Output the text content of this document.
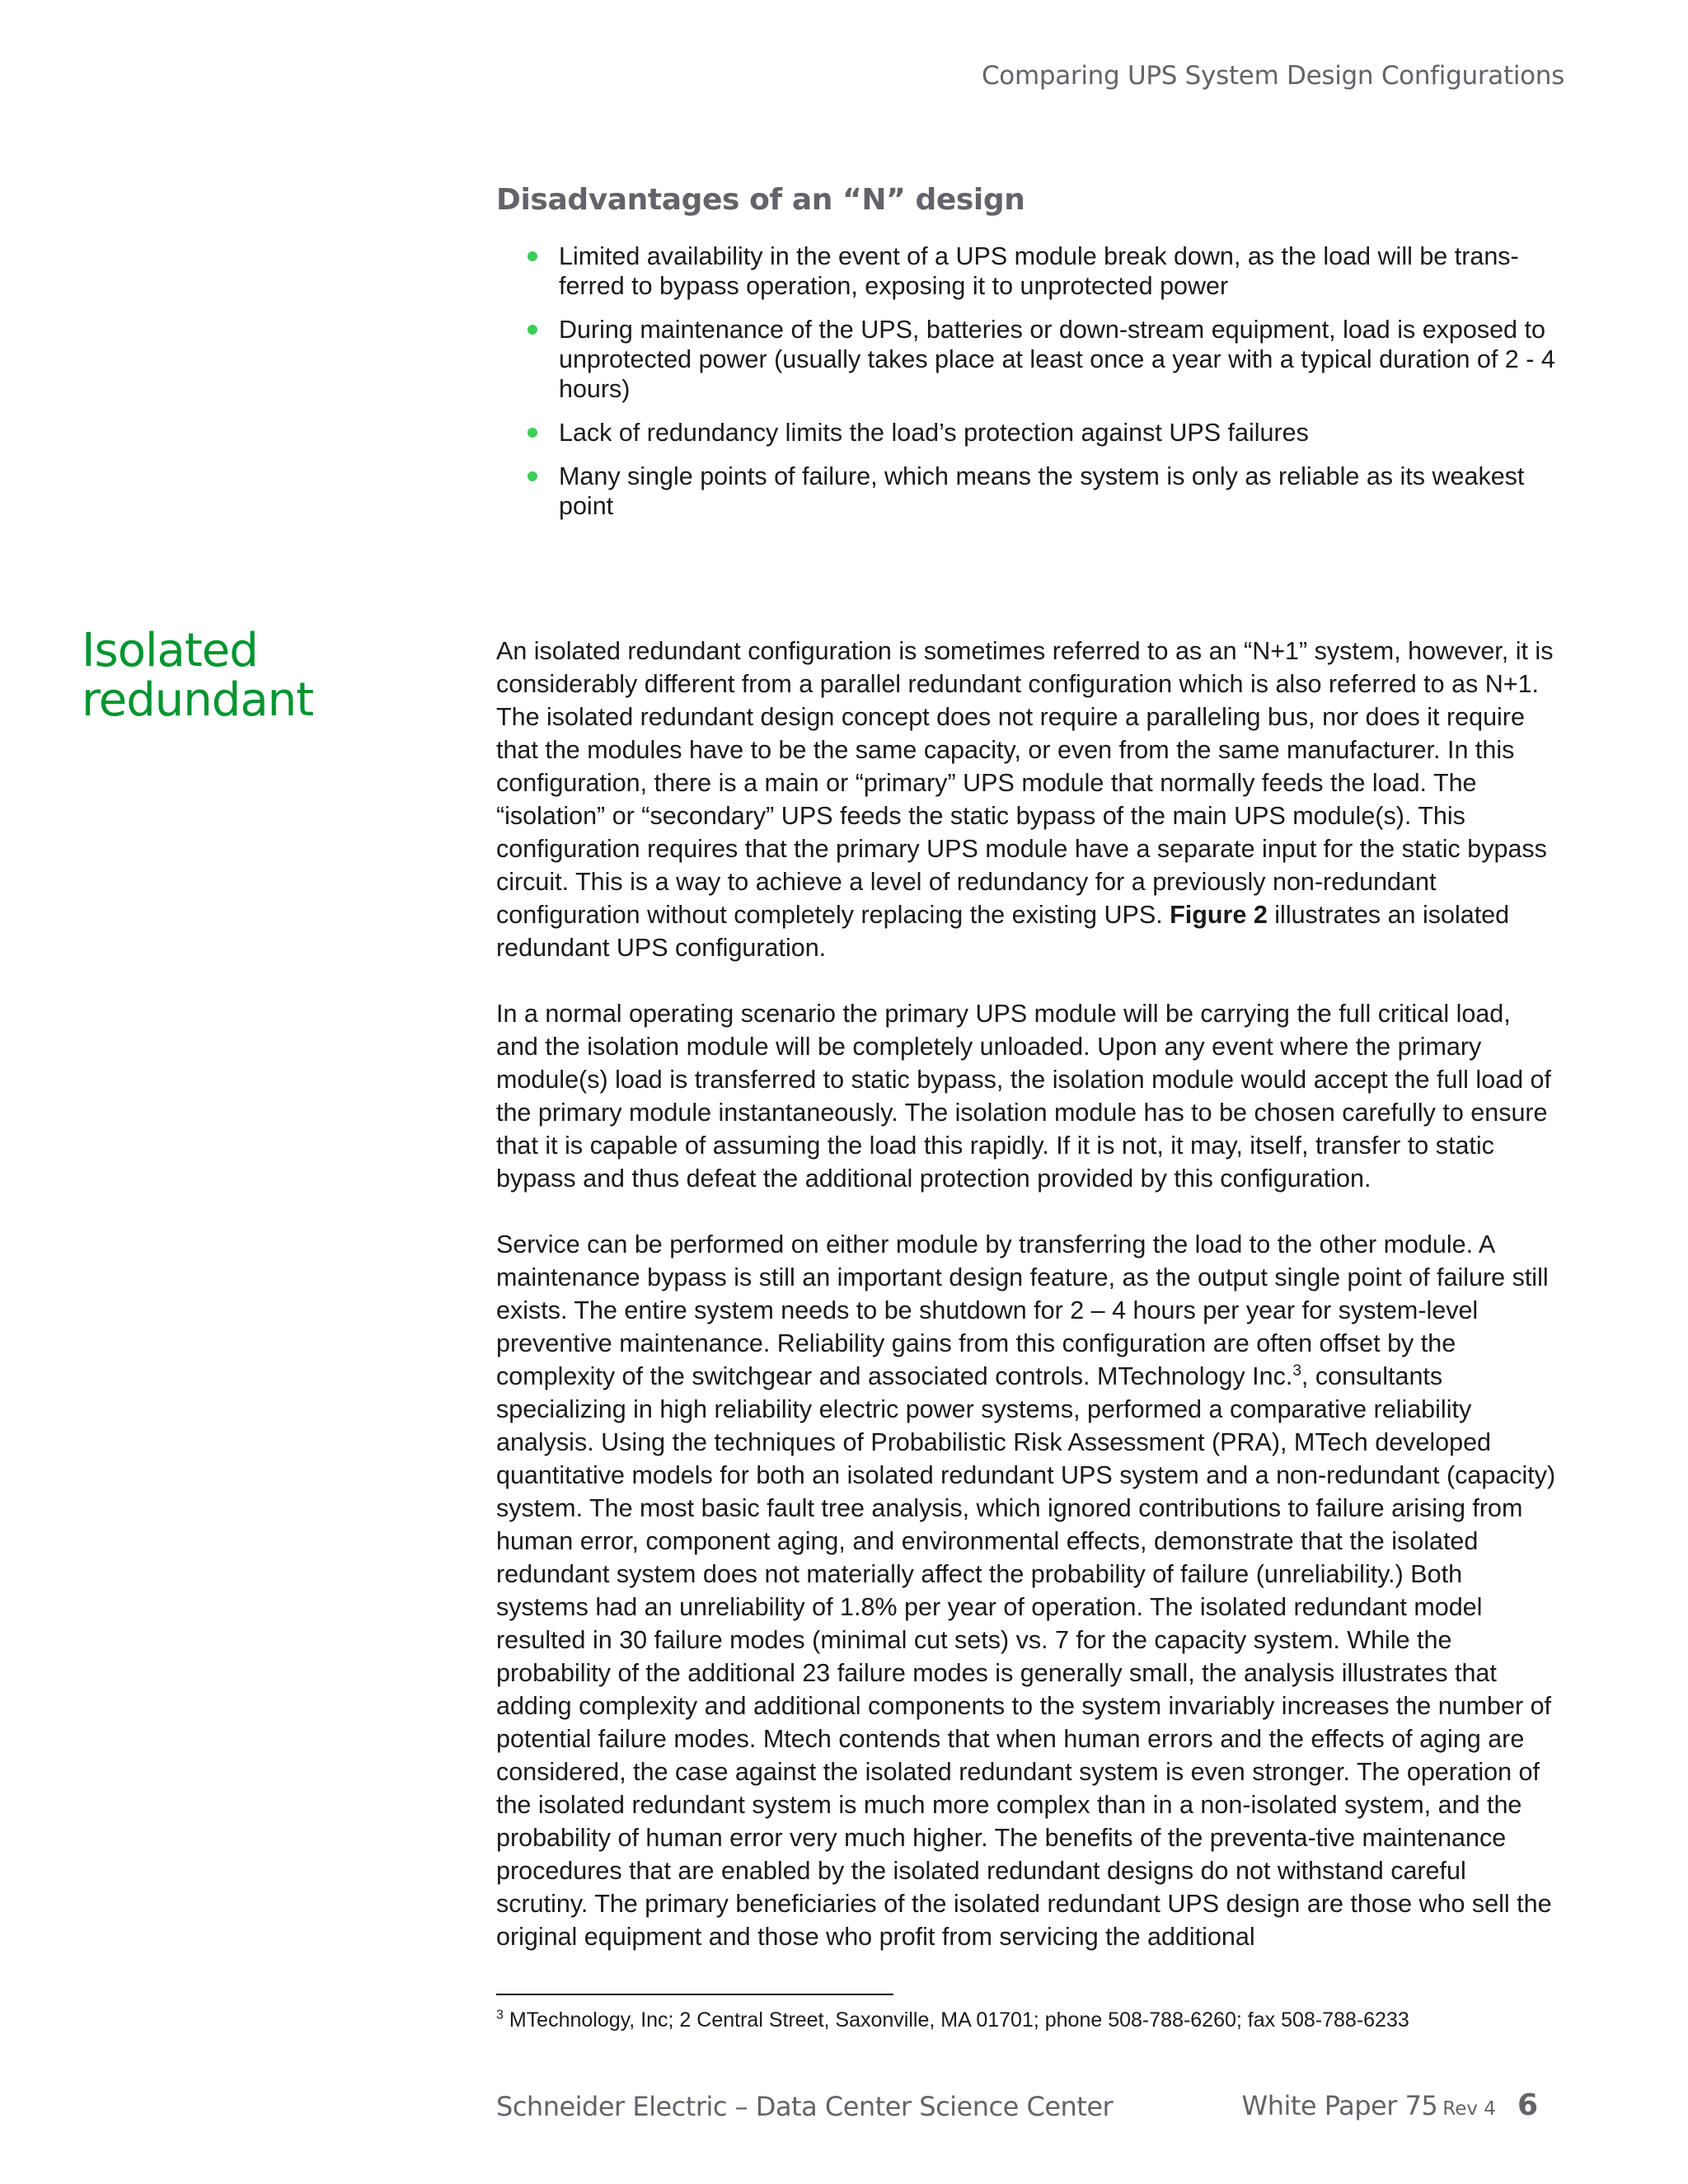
Comparing UPS System Design Configurations
Disadvantages of an “N” design
Limited availability in the event of a UPS module break down, as the load will be trans-ferred to bypass operation, exposing it to unprotected power
During maintenance of the UPS, batteries or down-stream equipment, load is exposed to unprotected power (usually takes place at least once a year with a typical duration of 2 - 4 hours)
Lack of redundancy limits the load’s protection against UPS failures
Many single points of failure, which means the system is only as reliable as its weakest point
Isolated redundant

An isolated redundant configuration is sometimes referred to as an “N+1” system, however, it is considerably different from a parallel redundant configuration which is also referred to as N+1. The isolated redundant design concept does not require a paralleling bus, nor does it require that the modules have to be the same capacity, or even from the same manufacturer. In this configuration, there is a main or “primary” UPS module that normally feeds the load. The “isolation” or “secondary” UPS feeds the static bypass of the main UPS module(s). This configuration requires that the primary UPS module have a separate input for the static bypass circuit. This is a way to achieve a level of redundancy for a previously non-redundant configuration without completely replacing the existing UPS. Figure 2 illustrates an isolated redundant UPS configuration.

In a normal operating scenario the primary UPS module will be carrying the full critical load, and the isolation module will be completely unloaded. Upon any event where the primary module(s) load is transferred to static bypass, the isolation module would accept the full load of the primary module instantaneously. The isolation module has to be chosen carefully to ensure that it is capable of assuming the load this rapidly. If it is not, it may, itself, transfer to static bypass and thus defeat the additional protection provided by this configuration.

Service can be performed on either module by transferring the load to the other module. A maintenance bypass is still an important design feature, as the output single point of failure still exists. The entire system needs to be shutdown for 2 – 4 hours per year for system-level preventive maintenance. Reliability gains from this configuration are often offset by the complexity of the switchgear and associated controls. MTechnology Inc.$^3$, consultants specializing in high reliability electric power systems, performed a comparative reliability analysis. Using the techniques of Probabilistic Risk Assessment (PRA), MTech developed quantitative models for both an isolated redundant UPS system and a non-redundant (capacity) system. The most basic fault tree analysis, which ignored contributions to failure arising from human error, component aging, and environmental effects, demonstrate that the isolated redundant system does not materially affect the probability of failure (unreliability.) Both systems had an unreliability of 1.8% per year of operation. The isolated redundant model resulted in 30 failure modes (minimal cut sets) vs. 7 for the capacity system. While the probability of the additional 23 failure modes is generally small, the analysis illustrates that adding complexity and additional components to the system invariably increases the number of potential failure modes. Mtech contends that when human errors and the effects of aging are considered, the case against the isolated redundant system is even stronger. The operation of the isolated redundant system is much more complex than in a non-isolated system, and the probability of human error very much higher. The benefits of the preventa-tive maintenance procedures that are enabled by the isolated redundant designs do not withstand careful scrutiny. The primary beneficiaries of the isolated redundant UPS design are those who sell the original equipment and those who profit from servicing the additional

$^3$ MTechnology, Inc; 2 Central Street, Saxonville, MA 01701; phone 508-788-6260; fax 508-788-6233
Schneider Electric – Data Center Science Center	White Paper 75 Rev 4 6
